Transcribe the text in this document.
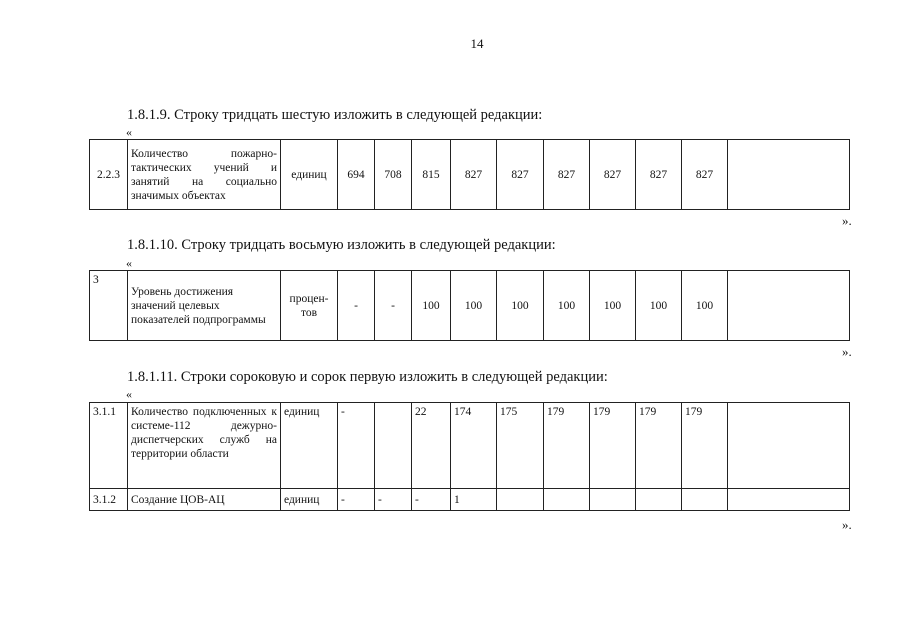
14
1.8.1.9. Строку тридцать шестую изложить в следующей редакции:
«
2.2.3	Количество пожарно-тактических учений и занятий на социально значимых объектах	единиц	694	708	815	827	827	827	827	827	827	
».
1.8.1.10. Строку тридцать восьмую изложить в следующей редакции:
«
3	Уровень достижения значений целевых показателей подпрограммы	процен-тов	-	-	100	100	100	100	100	100	100	
».
1.8.1.11. Строки сороковую и сорок первую изложить в следующей редакции:
«
3.1.1	Количество подключенных к системе-112 дежурно-диспетчерских служб на территории области	единиц	-		22	174	175	179	179	179	179	
3.1.2	Создание ЦОВ-АЦ	единиц	-	-	-	1						
».
